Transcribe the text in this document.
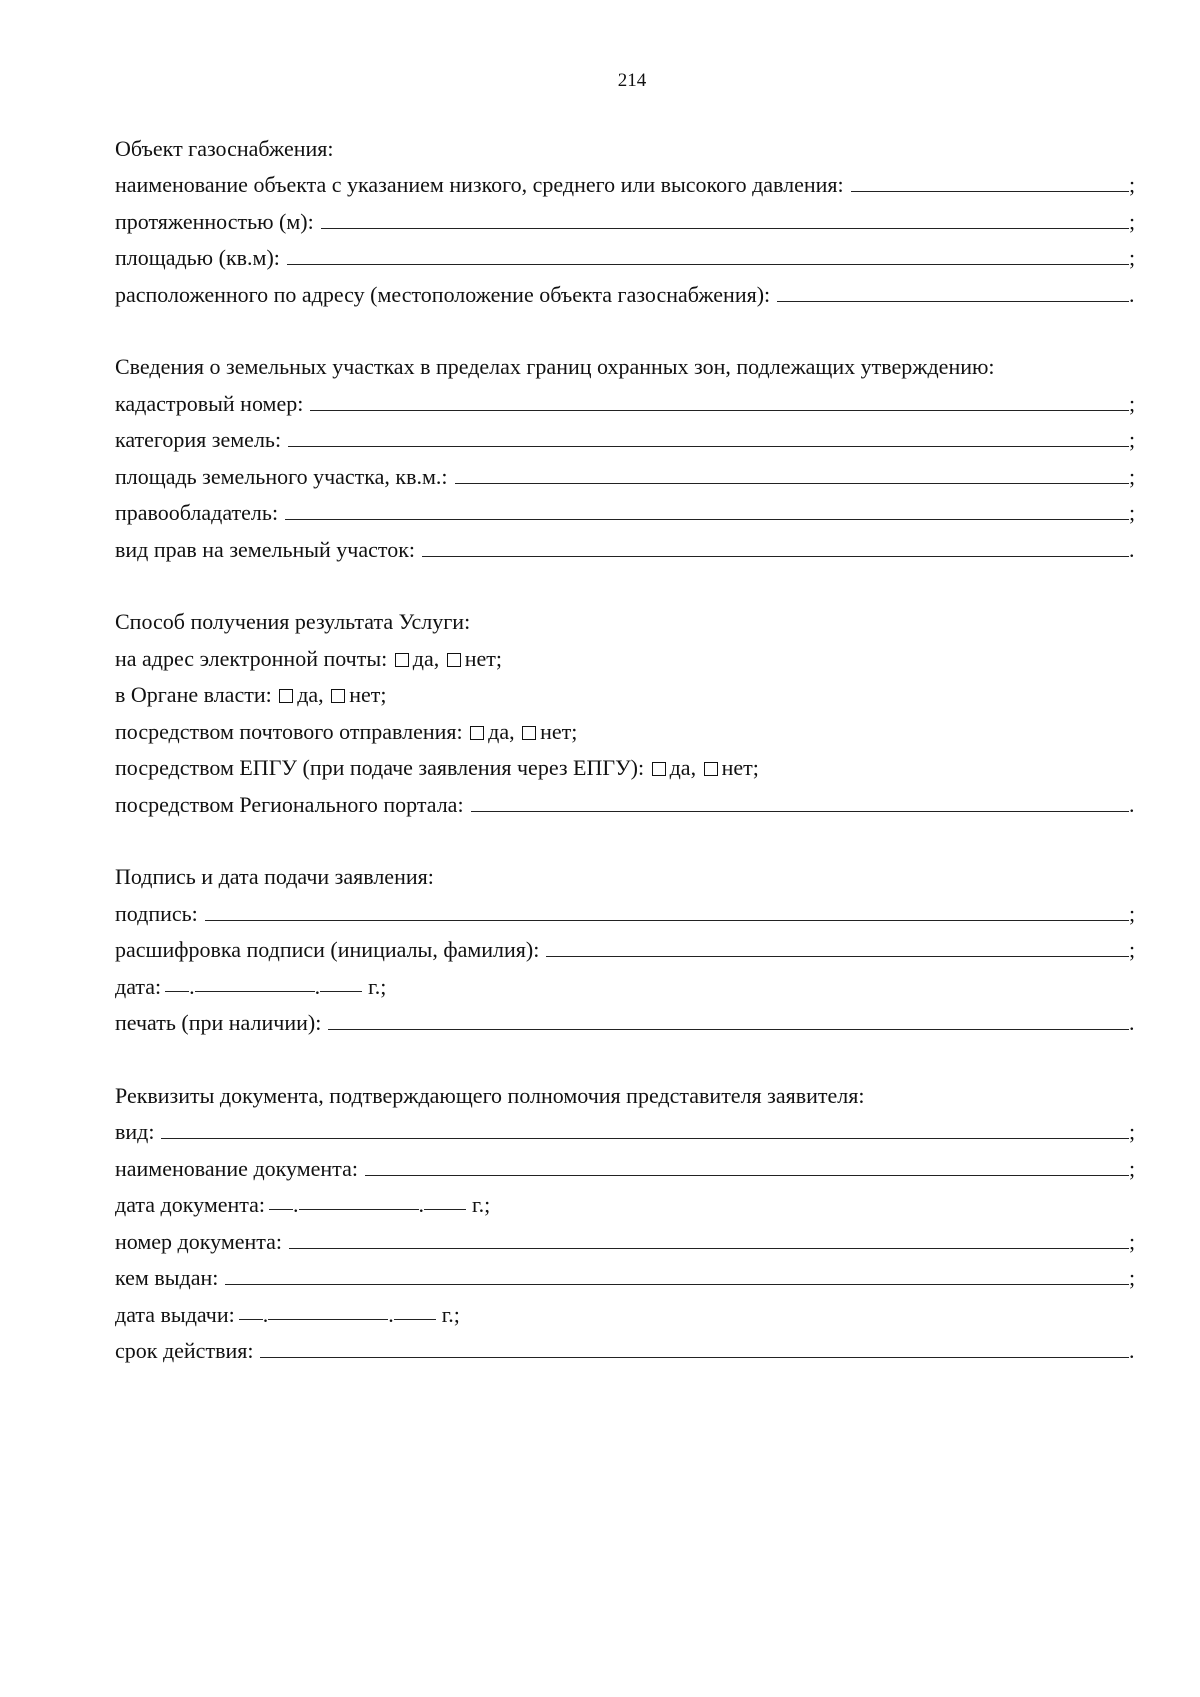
214
Объект газоснабжения:
наименование объекта с указанием низкого, среднего или высокого давления:	;
протяженностью (м):	;
площадью (кв.м):	;
расположенного по адресу (местоположение объекта газоснабжения):	.
Сведения о земельных участках в пределах границ охранных зон, подлежащих утверждению:
кадастровый номер:	;
категория земель:	;
площадь земельного участка, кв.м.:	;
правообладатель:	;
вид прав на земельный участок:	.
Способ получения результата Услуги:
на адрес электронной почты: да, нет;
в Органе власти: да, нет;
посредством почтового отправления: да, нет;
посредством ЕПГУ (при подаче заявления через ЕПГУ): да, нет;
посредством Регионального портала:	.
Подпись и дата подачи заявления:
подпись:	;
расшифровка подписи (инициалы, фамилия):	;
дата: .	. г.;
печать (при наличии):	.
Реквизиты документа, подтверждающего полномочия представителя заявителя:
вид:	;
наименование документа:	;
дата документа: .	. г.;
номер документа:	;
кем выдан:	;
дата выдачи: .	. г.;
срок действия:	.
